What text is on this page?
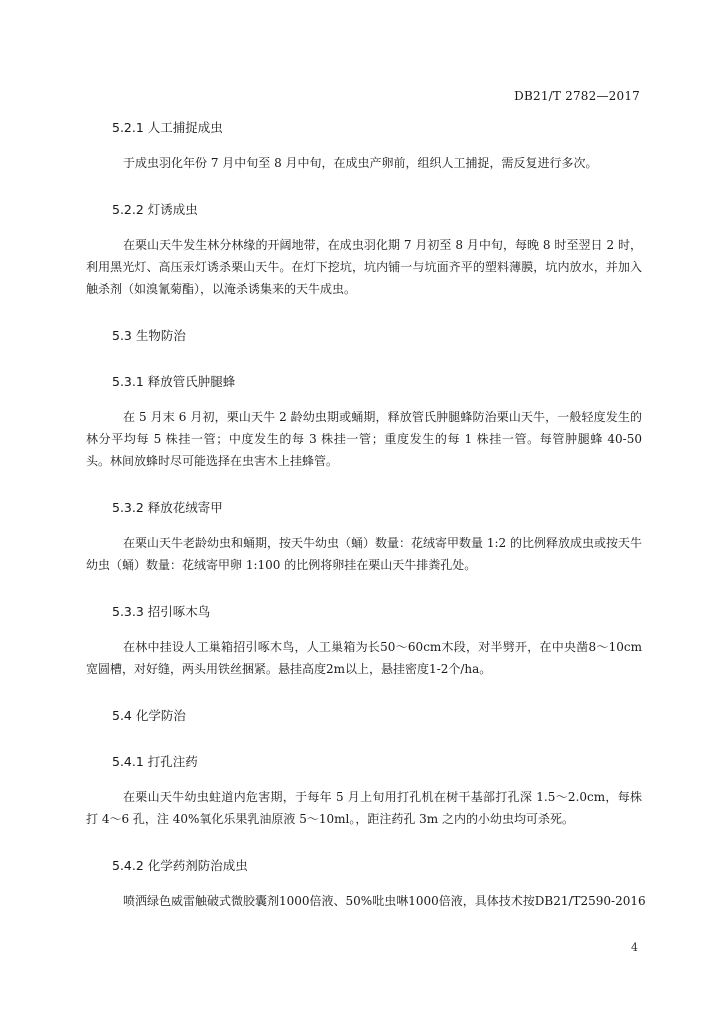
DB21/T 2782—2017
5.2.1 人工捕捉成虫
于成虫羽化年份 7 月中旬至 8 月中旬，在成虫产卵前，组织人工捕捉，需反复进行多次。
5.2.2 灯诱成虫
在栗山天牛发生林分林缘的开阔地带，在成虫羽化期 7 月初至 8 月中旬，每晚 8 时至翌日 2 时，利用黑光灯、高压汞灯诱杀栗山天牛。在灯下挖坑，坑内铺一与坑面齐平的塑料薄膜，坑内放水，并加入触杀剂（如溴氰菊酯），以淹杀诱集来的天牛成虫。
5.3 生物防治
5.3.1 释放管氏肿腿蜂
在 5 月末 6 月初，栗山天牛 2 龄幼虫期或蛹期，释放管氏肿腿蜂防治栗山天牛，一般轻度发生的林分平均每 5 株挂一管；中度发生的每 3 株挂一管；重度发生的每 1 株挂一管。每管肿腿蜂 40-50 头。林间放蜂时尽可能选择在虫害木上挂蜂管。
5.3.2 释放花绒寄甲
在栗山天牛老龄幼虫和蛹期，按天牛幼虫（蛹）数量：花绒寄甲数量 1:2 的比例释放成虫或按天牛幼虫（蛹）数量：花绒寄甲卵 1:100 的比例将卵挂在栗山天牛排粪孔处。
5.3.3 招引啄木鸟
在林中挂设人工巢箱招引啄木鸟，人工巢箱为长50～60cm木段，对半劈开，在中央凿8～10cm宽圆槽，对好缝，两头用铁丝捆紧。悬挂高度2m以上，悬挂密度1-2个/ha。
5.4 化学防治
5.4.1 打孔注药
在栗山天牛幼虫蛀道内危害期，于每年 5 月上旬用打孔机在树干基部打孔深 1.5～2.0cm，每株打 4～6 孔，注 40%氧化乐果乳油原液 5～10ml。，距注药孔 3m 之内的小幼虫均可杀死。
5.4.2 化学药剂防治成虫
喷洒绿色威雷触破式微胶囊剂1000倍液、50%吡虫啉1000倍液，具体技术按DB21/T2590-2016
4
